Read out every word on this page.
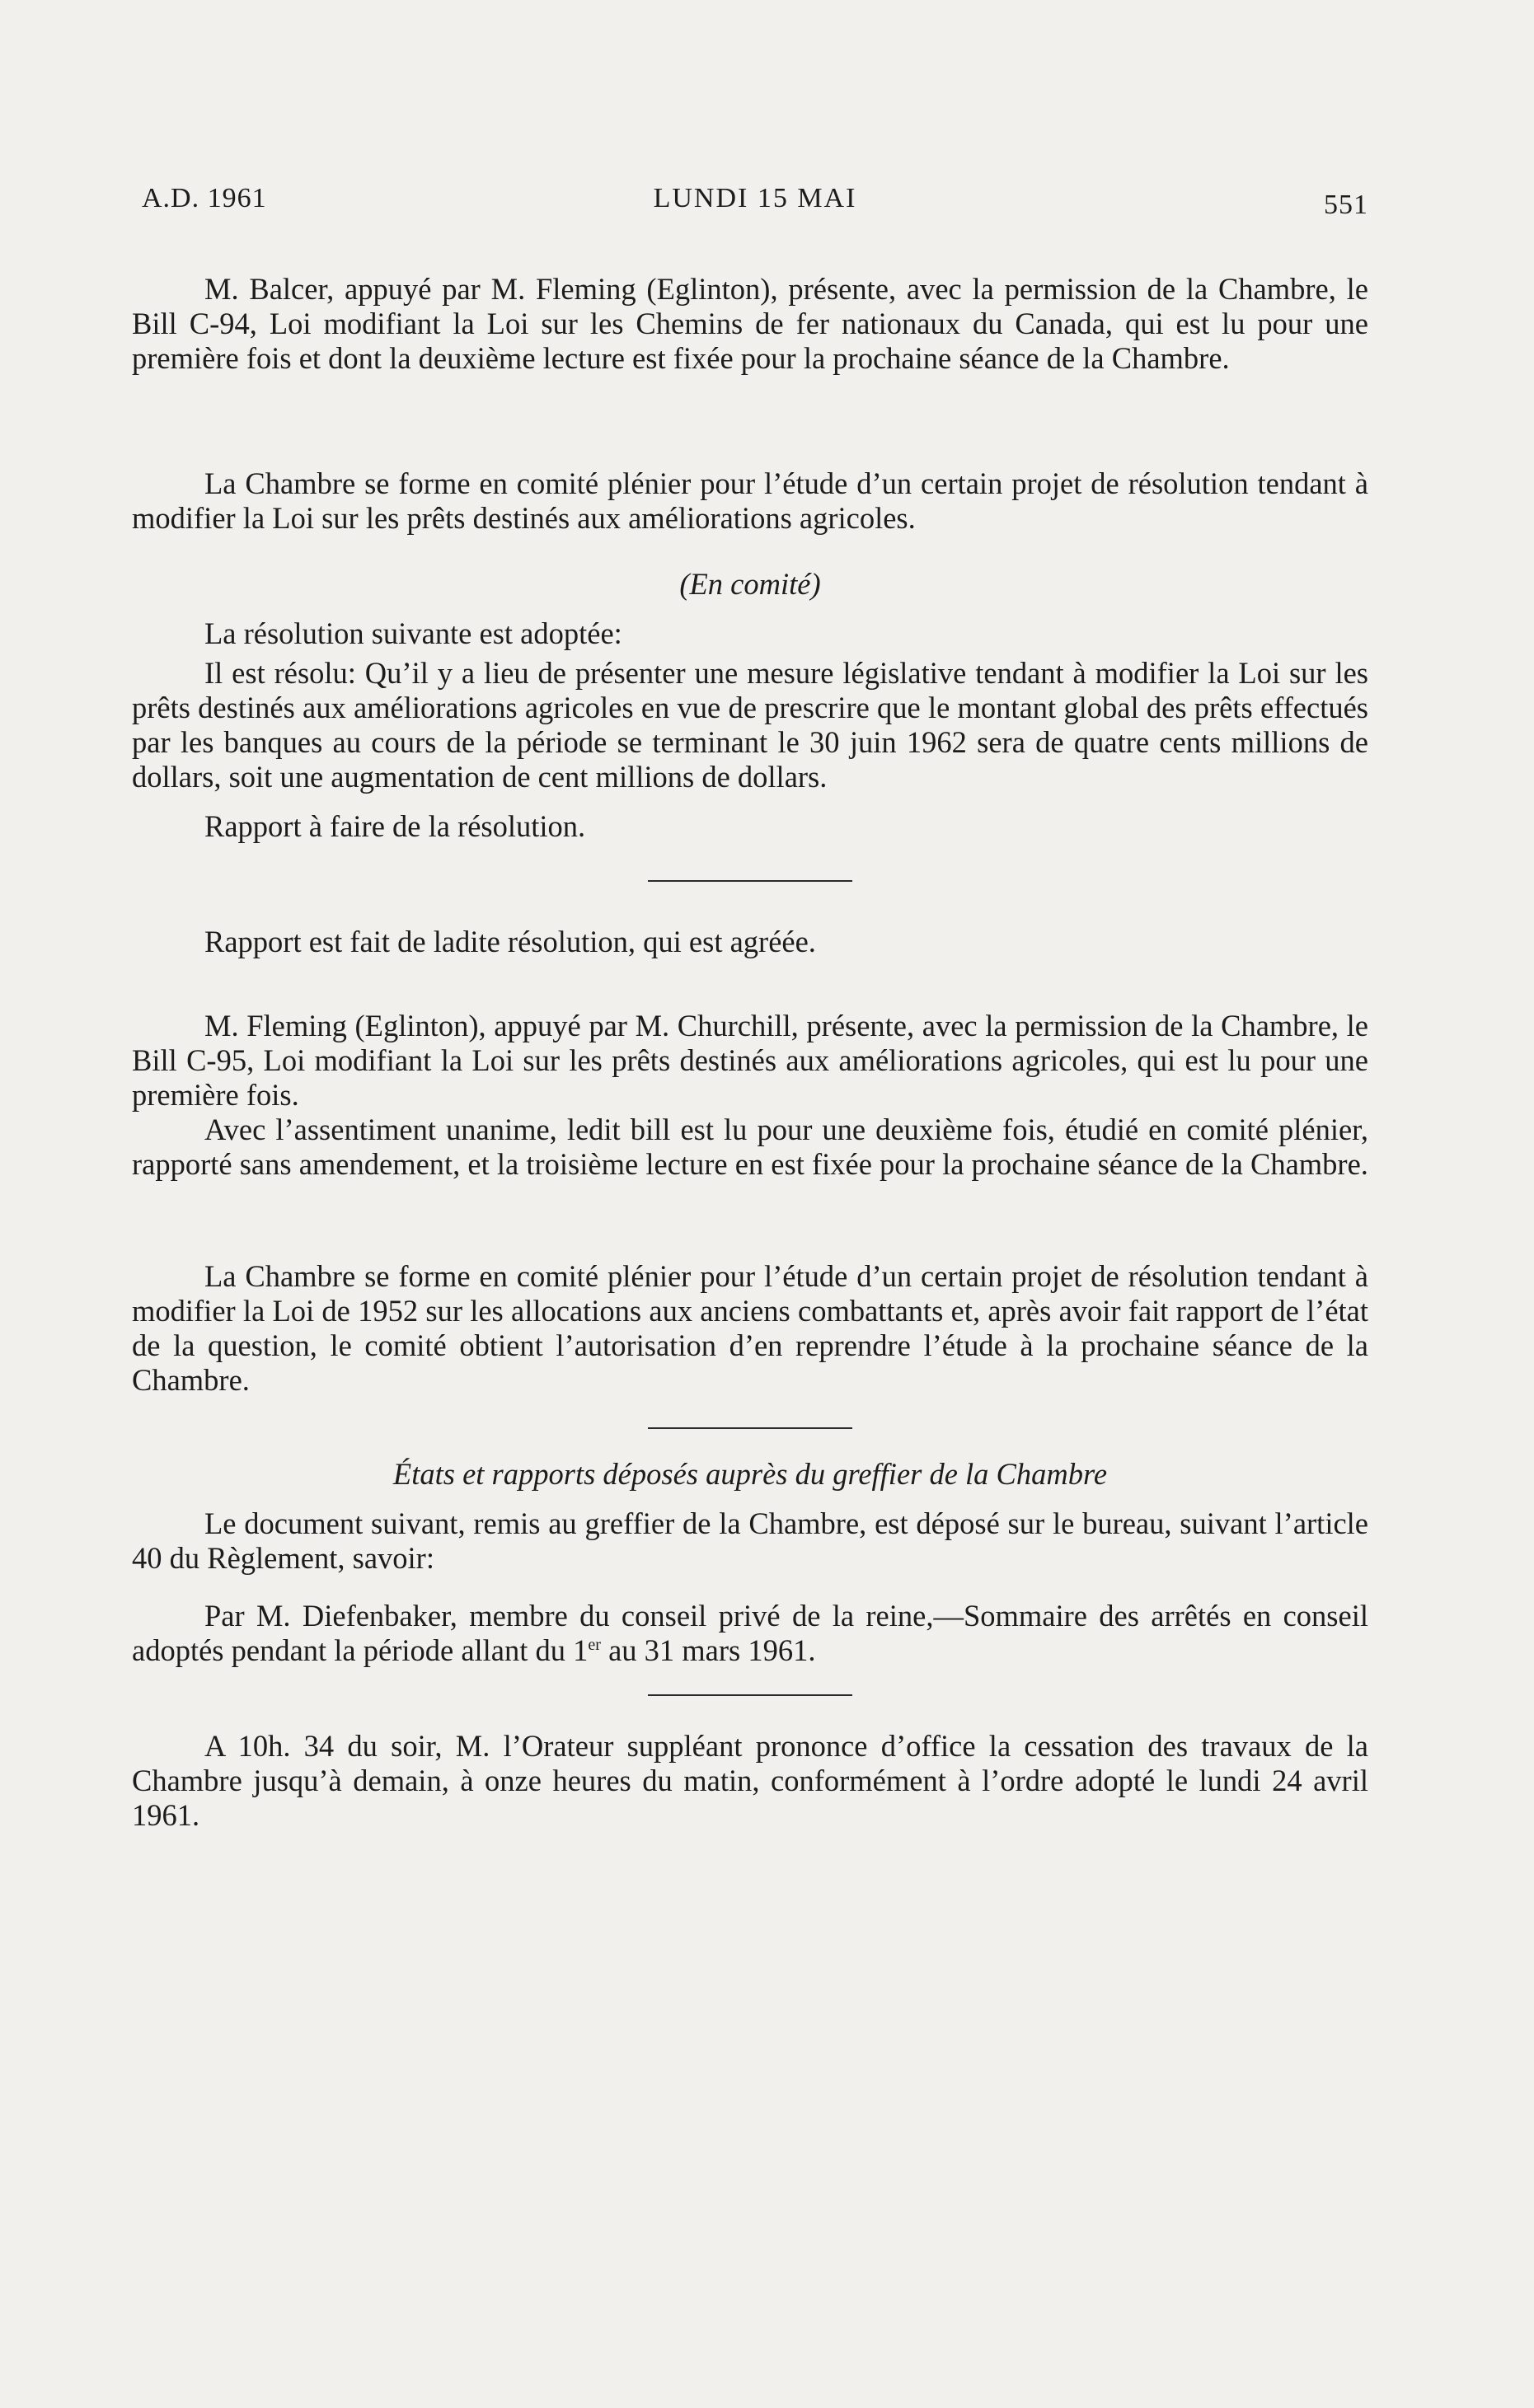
A.D. 1961	LUNDI 15 MAI	551

M. Balcer, appuyé par M. Fleming (Eglinton), présente, avec la permission de la Chambre, le Bill C-94, Loi modifiant la Loi sur les Chemins de fer nationaux du Canada, qui est lu pour une première fois et dont la deuxième lecture est fixée pour la prochaine séance de la Chambre.

La Chambre se forme en comité plénier pour l’étude d’un certain projet de résolution tendant à modifier la Loi sur les prêts destinés aux améliorations agricoles.

(En comité)

La résolution suivante est adoptée:

Il est résolu: Qu’il y a lieu de présenter une mesure législative tendant à modifier la Loi sur les prêts destinés aux améliorations agricoles en vue de prescrire que le montant global des prêts effectués par les banques au cours de la période se terminant le 30 juin 1962 sera de quatre cents millions de dollars, soit une augmentation de cent millions de dollars.

Rapport à faire de la résolution.

Rapport est fait de ladite résolution, qui est agréée.

M. Fleming (Eglinton), appuyé par M. Churchill, présente, avec la permission de la Chambre, le Bill C-95, Loi modifiant la Loi sur les prêts destinés aux améliorations agricoles, qui est lu pour une première fois.

Avec l’assentiment unanime, ledit bill est lu pour une deuxième fois, étudié en comité plénier, rapporté sans amendement, et la troisième lecture en est fixée pour la prochaine séance de la Chambre.

La Chambre se forme en comité plénier pour l’étude d’un certain projet de résolution tendant à modifier la Loi de 1952 sur les allocations aux anciens combattants et, après avoir fait rapport de l’état de la question, le comité obtient l’autorisation d’en reprendre l’étude à la prochaine séance de la Chambre.

États et rapports déposés auprès du greffier de la Chambre

Le document suivant, remis au greffier de la Chambre, est déposé sur le bureau, suivant l’article 40 du Règlement, savoir:

Par M. Diefenbaker, membre du conseil privé de la reine,—Sommaire des arrêtés en conseil adoptés pendant la période allant du 1er au 31 mars 1961.

A 10h. 34 du soir, M. l’Orateur suppléant prononce d’office la cessation des travaux de la Chambre jusqu’à demain, à onze heures du matin, conformément à l’ordre adopté le lundi 24 avril 1961.
